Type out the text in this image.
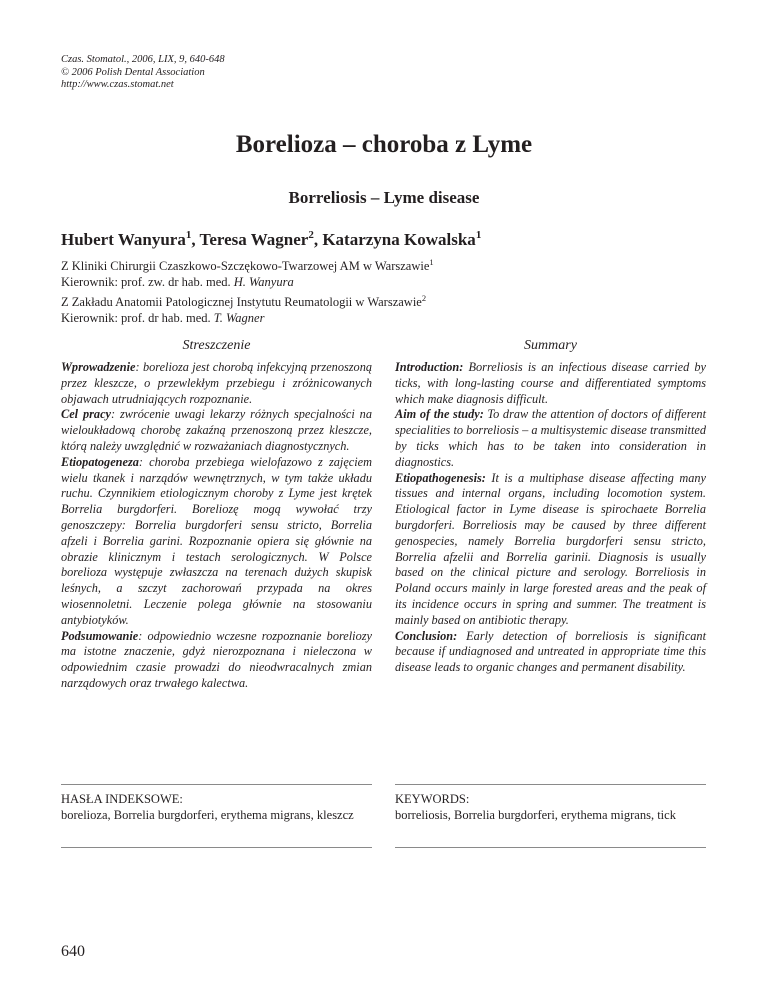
Czas. Stomatol., 2006, LIX, 9, 640-648
© 2006 Polish Dental Association
http://www.czas.stomat.net
Borelioza – choroba z Lyme
Borreliosis – Lyme disease
Hubert Wanyura$^1$, Teresa Wagner$^2$, Katarzyna Kowalska$^1$
Z Kliniki Chirurgii Czaszkowo-Szczękowo-Twarzowej AM w Warszawie$^1$
Kierownik: prof. zw. dr hab. med. H. Wanyura
Z Zakładu Anatomii Patologicznej Instytutu Reumatologii w Warszawie$^2$
Kierownik: prof. dr hab. med. T. Wagner
Streszczenie	Summary

Wprowadzenie: borelioza jest chorobą infekcyjną przenoszoną przez kleszcze, o przewlekłym przebiegu i zróżnicowanych objawach utrudniających rozpoznanie.

Cel pracy: zwrócenie uwagi lekarzy różnych specjalności na wieloukładową chorobę zakaźną przenoszoną przez kleszcze, którą należy uwzględnić w rozważaniach diagnostycznych.

Etiopatogeneza: choroba przebiega wielofazowo z zajęciem wielu tkanek i narządów wewnętrznych, w tym także układu ruchu. Czynnikiem etiologicznym choroby z Lyme jest krętek Borrelia burgdorferi. Boreliozę mogą wywołać trzy genoszczepy: Borrelia burgdorferi sensu stricto, Borrelia afzeli i Borrelia garini. Rozpoznanie opiera się głównie na obrazie klinicznym i testach serologicznych. W Polsce borelioza występuje zwłaszcza na terenach dużych skupisk leśnych, a szczyt zachorowań przypada na okres wiosennoletni. Leczenie polega głównie na stosowaniu antybiotyków.

Podsumowanie: odpowiednio wczesne rozpoznanie boreliozy ma istotne znaczenie, gdyż nierozpoznana i nieleczona w odpowiednim czasie prowadzi do nieodwracalnych zmian narządowych oraz trwałego kalectwa.

Introduction: Borreliosis is an infectious disease carried by ticks, with long-lasting course and differentiated symptoms which make diagnosis difficult.

Aim of the study: To draw the attention of doctors of different specialities to borreliosis – a multisystemic disease transmitted by ticks which has to be taken into consideration in diagnostics.

Etiopathogenesis: It is a multiphase disease affecting many tissues and internal organs, including locomotion system. Etiological factor in Lyme disease is spirochaete Borrelia burgdorferi. Borreliosis may be caused by three different genospecies, namely Borrelia burgdorferi sensu stricto, Borrelia afzelii and Borrelia garinii. Diagnosis is usually based on the clinical picture and serology. Borreliosis in Poland occurs mainly in large forested areas and the peak of its incidence occurs in spring and summer. The treatment is mainly based on antibiotic therapy.

Conclusion: Early detection of borreliosis is significant because if undiagnosed and untreated in appropriate time this disease leads to organic changes and permanent disability.

HASŁA INDEKSOWE:
borelioza, Borrelia burgdorferi, erythema migrans, kleszcz
KEYWORDS:
borreliosis, Borrelia burgdorferi, erythema migrans, tick
640
